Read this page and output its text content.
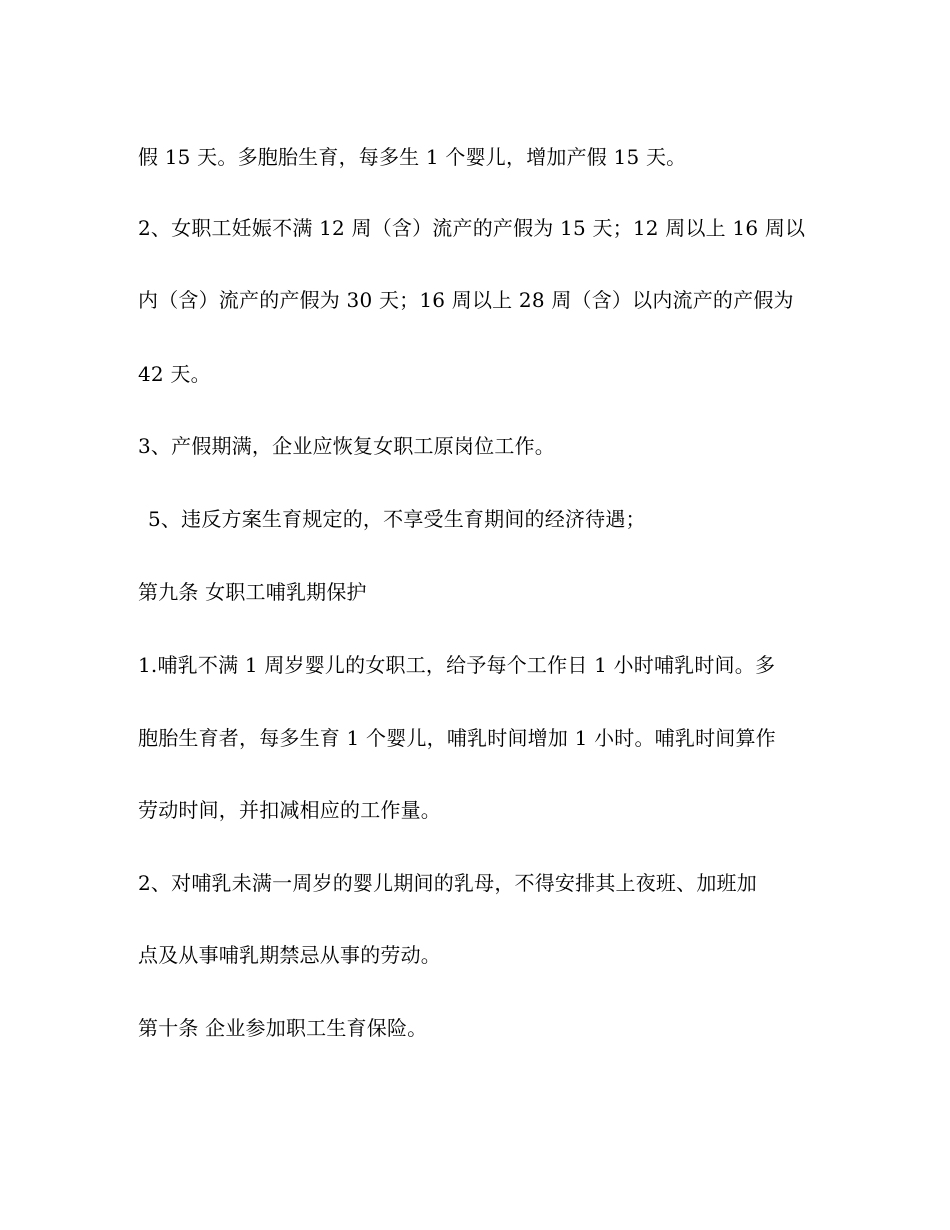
假 15 天。多胞胎生育，每多生 1 个婴儿，增加产假 15 天。
2、女职工妊娠不满 12 周（含）流产的产假为 15 天；12 周以上 16 周以
内（含）流产的产假为 30 天；16 周以上 28 周（含）以内流产的产假为
42 天。
3、产假期满，企业应恢复女职工原岗位工作。
5、违反方案生育规定的，不享受生育期间的经济待遇；
第九条 女职工哺乳期保护
1.哺乳不满 1 周岁婴儿的女职工，给予每个工作日 1 小时哺乳时间。多
胞胎生育者，每多生育 1 个婴儿，哺乳时间增加 1 小时。哺乳时间算作
劳动时间，并扣减相应的工作量。
2、对哺乳未满一周岁的婴儿期间的乳母，不得安排其上夜班、加班加
点及从事哺乳期禁忌从事的劳动。
第十条 企业参加职工生育保险。
